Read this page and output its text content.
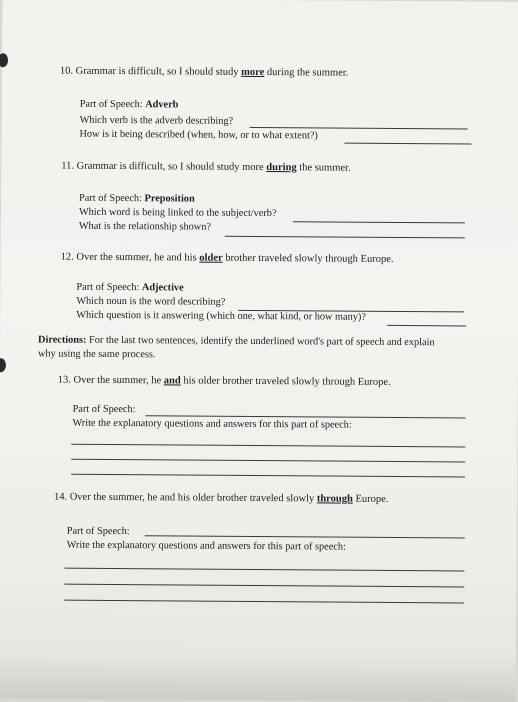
10. Grammar is difficult, so I should study more during the summer.
Part of Speech: Adverb
Which verb is the adverb describing?
How is it being described (when, how, or to what extent?)
11. Grammar is difficult, so I should study more during the summer.
Part of Speech: Preposition
Which word is being linked to the subject/verb?
What is the relationship shown?
12. Over the summer, he and his older brother traveled slowly through Europe.
Part of Speech: Adjective
Which noun is the word describing?
Which question is it answering (which one, what kind, or how many)?
Directions: For the last two sentences, identify the underlined word's part of speech and explain
why using the same process.
13. Over the summer, he and his older brother traveled slowly through Europe.
Part of Speech:
Write the explanatory questions and answers for this part of speech:
14. Over the summer, he and his older brother traveled slowly through Europe.
Part of Speech:
Write the explanatory questions and answers for this part of speech:
